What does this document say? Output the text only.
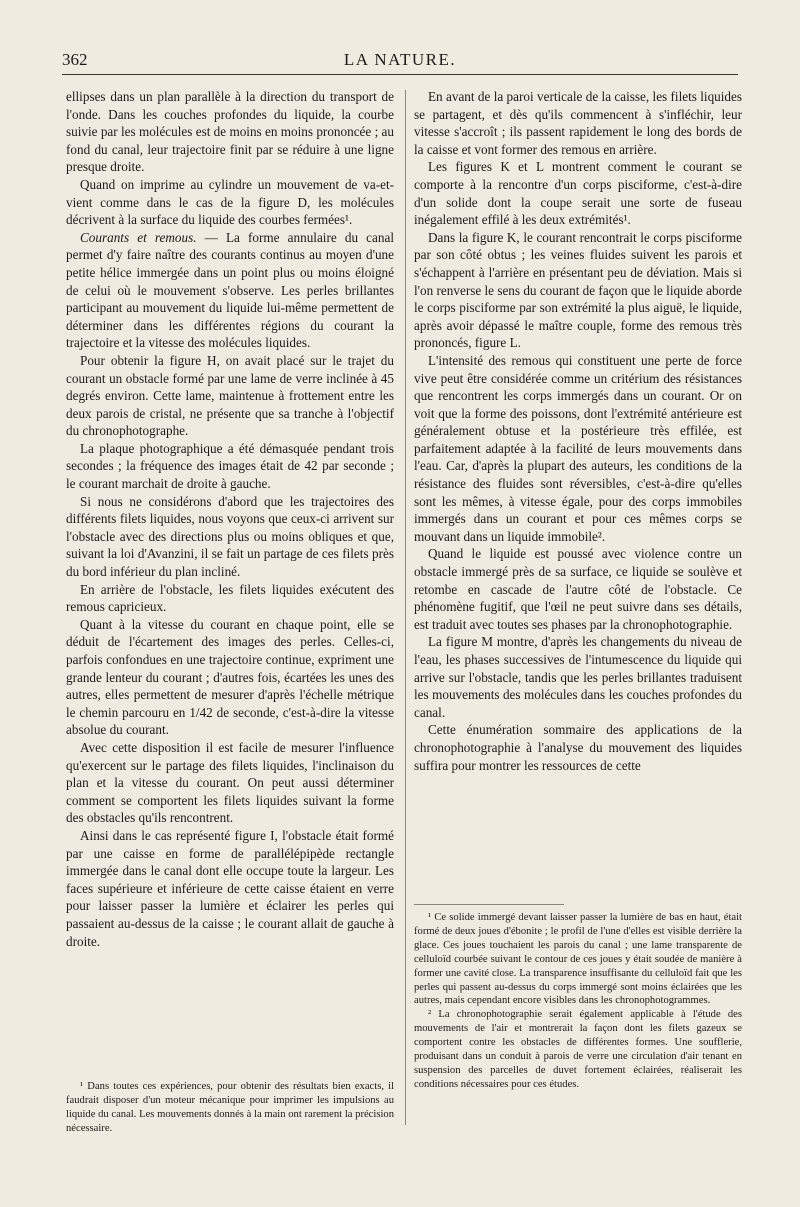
362	LA NATURE.

ellipses dans un plan parallèle à la direction du transport de l'onde. Dans les couches profondes du liquide, la courbe suivie par les molécules est de moins en moins prononcée ; au fond du canal, leur trajectoire finit par se réduire à une ligne presque droite.

Quand on imprime au cylindre un mouvement de va-et-vient comme dans le cas de la figure D, les molécules décrivent à la surface du liquide des courbes fermées¹.

Courants et remous. — La forme annulaire du canal permet d'y faire naître des courants continus au moyen d'une petite hélice immergée dans un point plus ou moins éloigné de celui où le mouvement s'observe. Les perles brillantes participant au mouvement du liquide lui-même permettent de déterminer dans les différentes régions du courant la trajectoire et la vitesse des molécules liquides.

Pour obtenir la figure H, on avait placé sur le trajet du courant un obstacle formé par une lame de verre inclinée à 45 degrés environ. Cette lame, maintenue à frottement entre les deux parois de cristal, ne présente que sa tranche à l'objectif du chronophotographe.

La plaque photographique a été démasquée pendant trois secondes ; la fréquence des images était de 42 par seconde ; le courant marchait de droite à gauche.

Si nous ne considérons d'abord que les trajectoires des différents filets liquides, nous voyons que ceux-ci arrivent sur l'obstacle avec des directions plus ou moins obliques et que, suivant la loi d'Avanzini, il se fait un partage de ces filets près du bord inférieur du plan incliné.

En arrière de l'obstacle, les filets liquides exécutent des remous capricieux.

Quant à la vitesse du courant en chaque point, elle se déduit de l'écartement des images des perles. Celles-ci, parfois confondues en une trajectoire continue, expriment une grande lenteur du courant ; d'autres fois, écartées les unes des autres, elles permettent de mesurer d'après l'échelle métrique le chemin parcouru en 1/42 de seconde, c'est-à-dire la vitesse absolue du courant.

Avec cette disposition il est facile de mesurer l'influence qu'exercent sur le partage des filets liquides, l'inclinaison du plan et la vitesse du courant. On peut aussi déterminer comment se comportent les filets liquides suivant la forme des obstacles qu'ils rencontrent.

Ainsi dans le cas représenté figure I, l'obstacle était formé par une caisse en forme de parallélépipède rectangle immergée dans le canal dont elle occupe toute la largeur. Les faces supérieure et inférieure de cette caisse étaient en verre pour laisser passer la lumière et éclairer les perles qui passaient au-dessus de la caisse ; le courant allait de gauche à droite.

¹ Dans toutes ces expériences, pour obtenir des résultats bien exacts, il faudrait disposer d'un moteur mécanique pour imprimer les impulsions au liquide du canal. Les mouvements donnés à la main ont rarement la précision nécessaire.

En avant de la paroi verticale de la caisse, les filets liquides se partagent, et dès qu'ils commencent à s'infléchir, leur vitesse s'accroît ; ils passent rapidement le long des bords de la caisse et vont former des remous en arrière.

Les figures K et L montrent comment le courant se comporte à la rencontre d'un corps pisciforme, c'est-à-dire d'un solide dont la coupe serait une sorte de fuseau inégalement effilé à les deux extrémités¹.

Dans la figure K, le courant rencontrait le corps pisciforme par son côté obtus ; les veines fluides suivent les parois et s'échappent à l'arrière en présentant peu de déviation. Mais si l'on renverse le sens du courant de façon que le liquide aborde le corps pisciforme par son extrémité la plus aiguë, le liquide, après avoir dépassé le maître couple, forme des remous très prononcés, figure L.

L'intensité des remous qui constituent une perte de force vive peut être considérée comme un critérium des résistances que rencontrent les corps immergés dans un courant. Or on voit que la forme des poissons, dont l'extrémité antérieure est généralement obtuse et la postérieure très effilée, est parfaitement adaptée à la facilité de leurs mouvements dans l'eau. Car, d'après la plupart des auteurs, les conditions de la résistance des fluides sont réversibles, c'est-à-dire qu'elles sont les mêmes, à vitesse égale, pour des corps immobiles immergés dans un courant et pour ces mêmes corps se mouvant dans un liquide immobile².

Quand le liquide est poussé avec violence contre un obstacle immergé près de sa surface, ce liquide se soulève et retombe en cascade de l'autre côté de l'obstacle. Ce phénomène fugitif, que l'œil ne peut suivre dans ses détails, est traduit avec toutes ses phases par la chronophotographie.

La figure M montre, d'après les changements du niveau de l'eau, les phases successives de l'intumescence du liquide qui arrive sur l'obstacle, tandis que les perles brillantes traduisent les mouvements des molécules dans les couches profondes du canal.

Cette énumération sommaire des applications de la chronophotographie à l'analyse du mouvement des liquides suffira pour montrer les ressources de cette

¹ Ce solide immergé devant laisser passer la lumière de bas en haut, était formé de deux joues d'ébonite ; le profil de l'une d'elles est visible derrière la glace. Ces joues touchaient les parois du canal ; une lame transparente de celluloïd courbée suivant le contour de ces joues y était soudée de manière à former une cavité close. La transparence insuffisante du celluloïd fait que les perles qui passent au-dessus du corps immergé sont moins éclairées que les autres, mais cependant encore visibles dans les chronophotogrammes.

² La chronophotographie serait également applicable à l'étude des mouvements de l'air et montrerait la façon dont les filets gazeux se comportent contre les obstacles de différentes formes. Une soufflerie, produisant dans un conduit à parois de verre une circulation d'air tenant en suspension des parcelles de duvet fortement éclairées, réaliserait les conditions nécessaires pour ces études.
